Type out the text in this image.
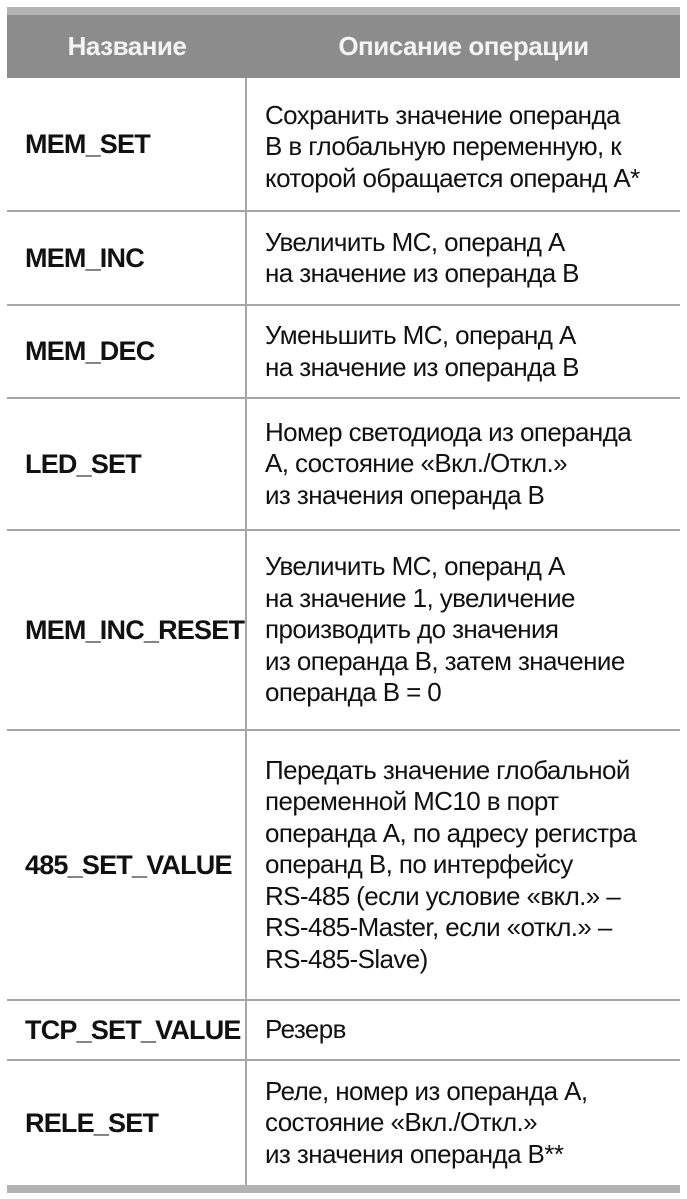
Название	Описание операции
MEM_SET
Сохранить значение операнда
B в глобальную переменную, к
которой обращается операнд A*
MEM_INC
Увеличить МС, операнд A
на значение из операнда B
MEM_DEC
Уменьшить МС, операнд A
на значение из операнда B
LED_SET
Номер светодиода из операнда
A, состояние «Вкл./Откл.»
из значения операнда B
MEM_INC_RESET
Увеличить МС, операнд A
на значение 1, увеличение
производить до значения
из операнда B, затем значение
операнда B = 0
485_SET_VALUE
Передать значение глобальной
переменной МС10 в порт
операнда A, по адресу регистра
операнд B, по интерфейсу
RS-485 (если условие «вкл.» –
RS-485-Master, если «откл.» –
RS-485-Slave)
TCP_SET_VALUE Резерв
RELE_SET
Реле, номер из операнда A,
состояние «Вкл./Откл.»
из значения операнда B**
